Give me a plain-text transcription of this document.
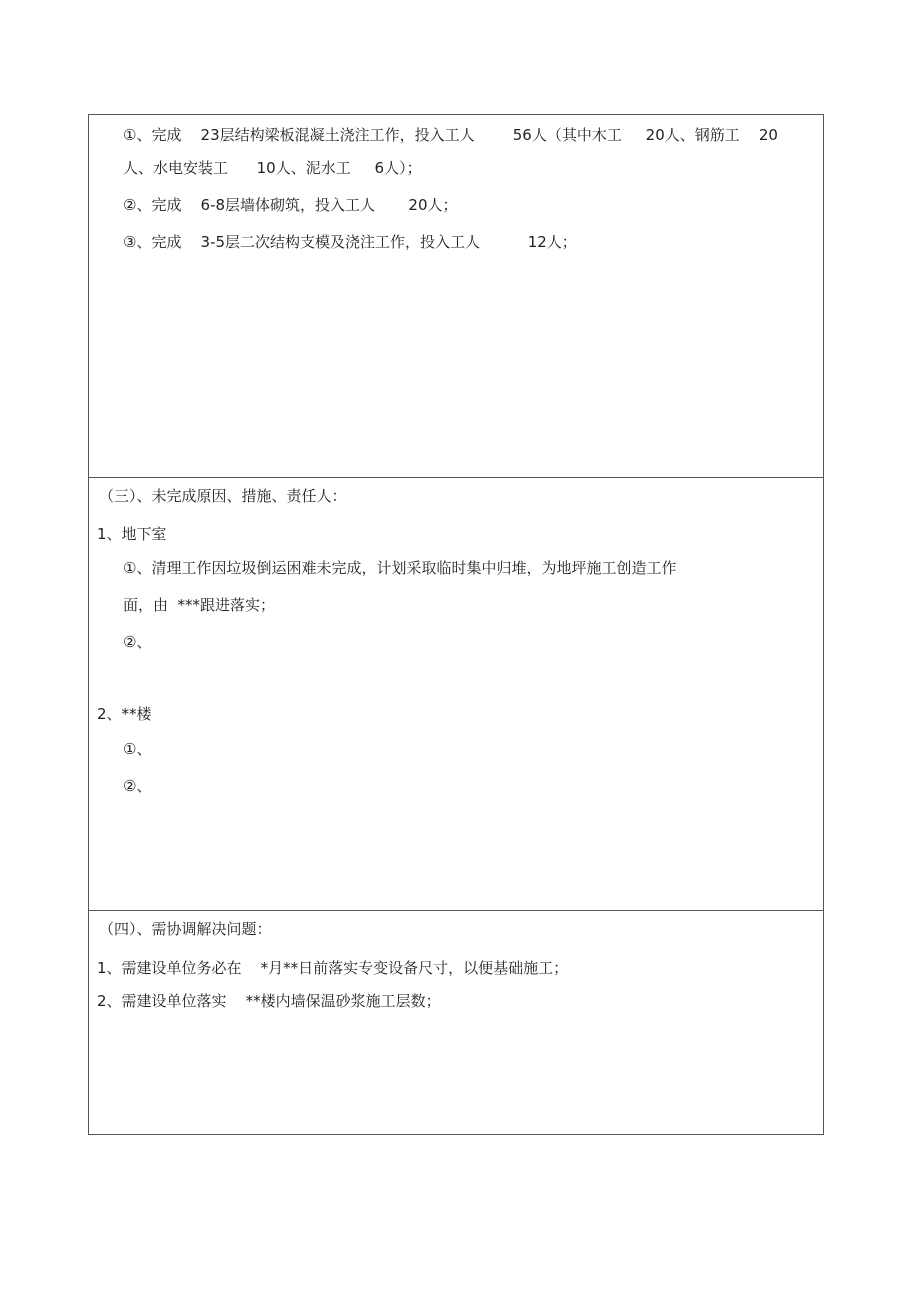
①、完成    23层结构梁板混凝土浇注工作，投入工人        56人（其中木工     20人、钢筋工    20
人、水电安装工      10人、泥水工     6人）；
②、完成    6-8层墙体砌筑，投入工人       20人；
③、完成    3-5层二次结构支模及浇注工作，投入工人          12人；
（三）、未完成原因、措施、责任人：
1、地下室
①、清理工作因垃圾倒运困难未完成，计划采取临时集中归堆，为地坪施工创造工作
面，由  ***跟进落实；
②、
2、**楼
①、
②、
（四）、需协调解决问题：
1、需建设单位务必在    *月**日前落实专变设备尺寸，以便基础施工；
2、需建设单位落实    **楼内墙保温砂浆施工层数；
